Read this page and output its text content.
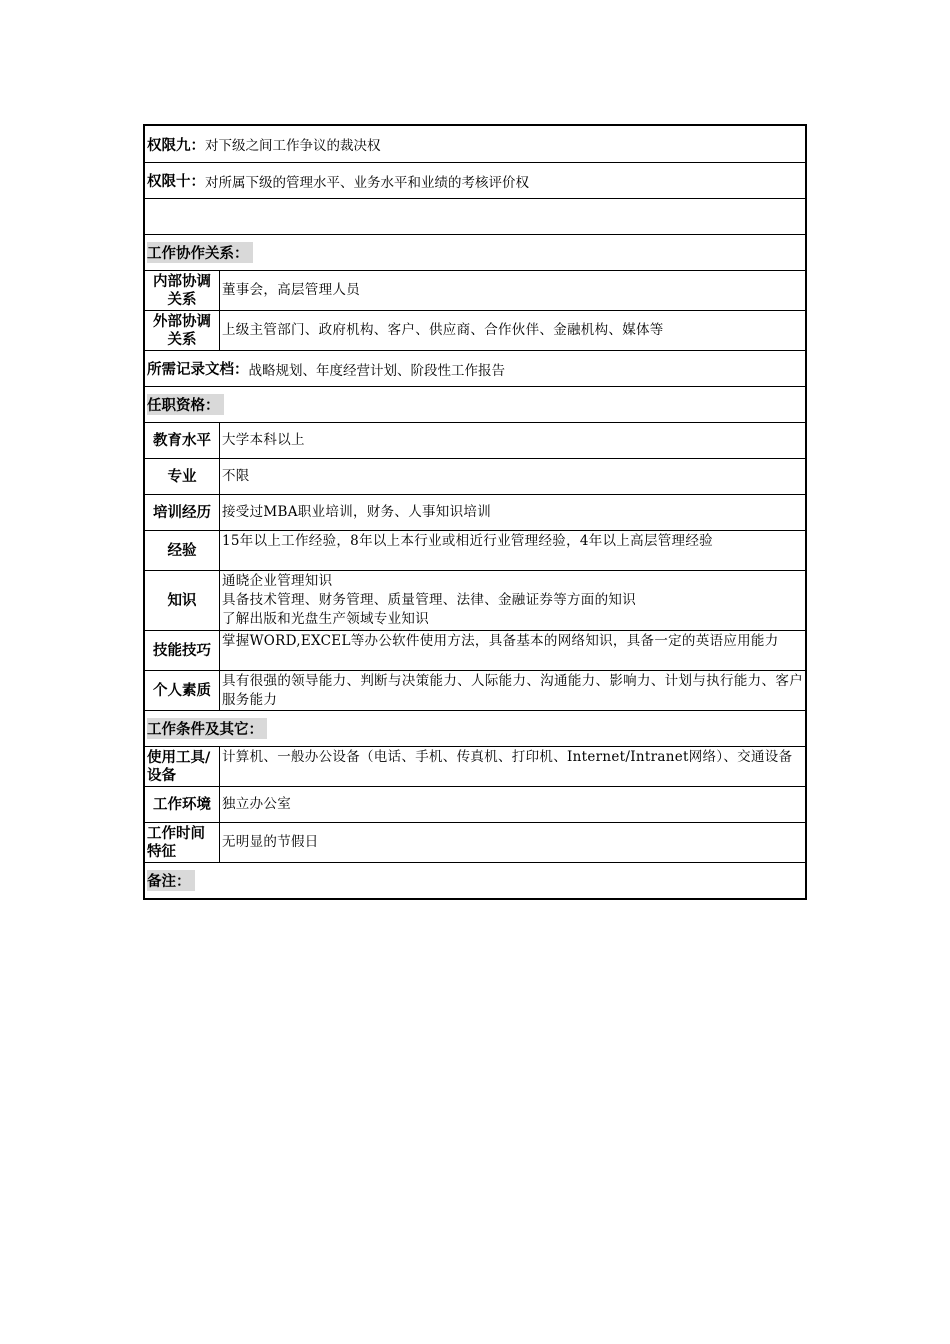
权限九： 对下级之间工作争议的裁决权
权限十： 对所属下级的管理水平、业务水平和业绩的考核评价权
工作协作关系：
内部协调关系
董事会，高层管理人员
外部协调关系
上级主管部门、政府机构、客户、供应商、合作伙伴、金融机构、媒体等
所需记录文档： 战略规划、年度经营计划、阶段性工作报告
任职资格：
教育水平 大学本科以上
专业	不限
培训经历 接受过MBA职业培训，财务、人事知识培训
经验
15年以上工作经验，8年以上本行业或相近行业管理经验，4年以上高层管理经验
知识
通晓企业管理知识
具备技术管理、财务管理、质量管理、法律、金融证券等方面的知识
了解出版和光盘生产领域专业知识
技能技巧
掌握WORD,EXCEL等办公软件使用方法，具备基本的网络知识，具备一定的英语应用能力
个人素质
具有很强的领导能力、判断与决策能力、人际能力、沟通能力、影响力、计划与执行能力、客户服务能力
工作条件及其它：
使用工具/设备
计算机、一般办公设备（电话、手机、传真机、打印机、Internet/Intranet网络）、交通设备
工作环境 独立办公室
工作时间特征
无明显的节假日
备注：
